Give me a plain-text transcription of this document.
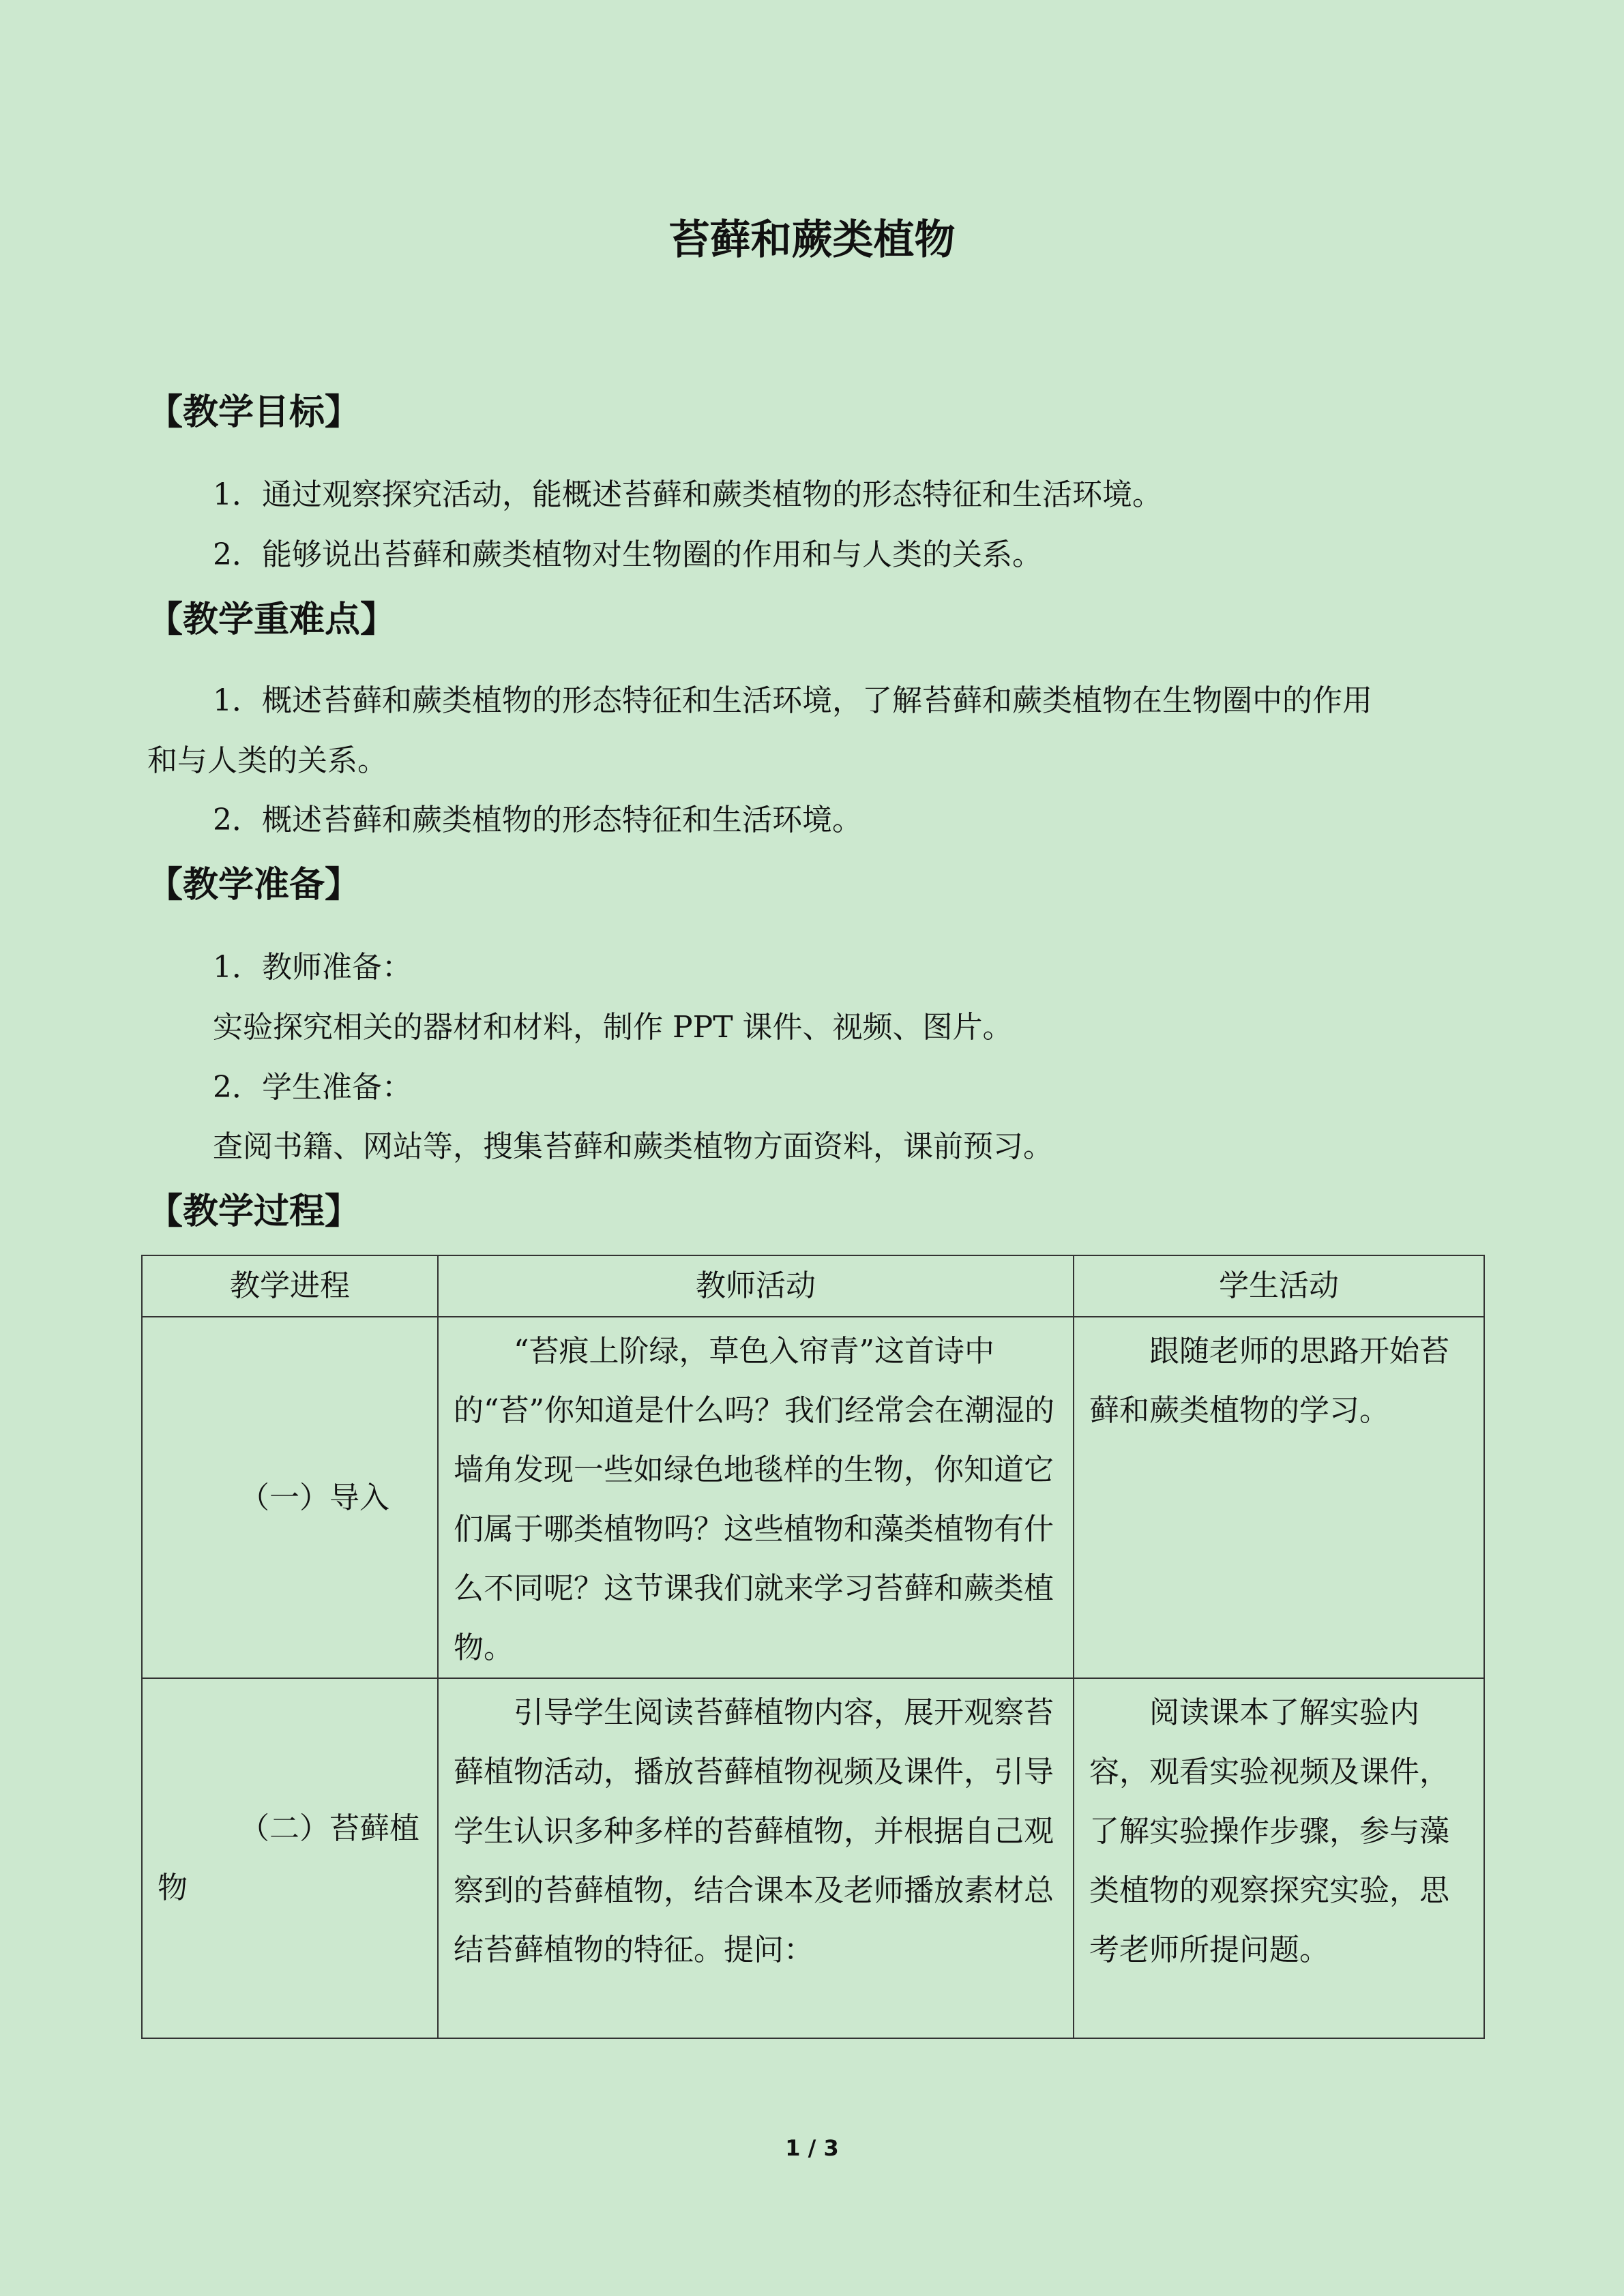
苔藓和蕨类植物
【教学目标】
1．通过观察探究活动，能概述苔藓和蕨类植物的形态特征和生活环境。
2．能够说出苔藓和蕨类植物对生物圈的作用和与人类的关系。
【教学重难点】
1．概述苔藓和蕨类植物的形态特征和生活环境，了解苔藓和蕨类植物在生物圈中的作用
和与人类的关系。
2．概述苔藓和蕨类植物的形态特征和生活环境。
【教学准备】
1．教师准备：
实验探究相关的器材和材料，制作 PPT 课件、视频、图片。
2．学生准备：
查阅书籍、网站等，搜集苔藓和蕨类植物方面资料，课前预习。
【教学过程】
教学进程	教师活动	学生活动

（一）导入	“苔痕上阶绿，草色入帘青”这首诗中的“苔”你知道是什么吗？我们经常会在潮湿的墙角发现一些如绿色地毯样的生物，你知道它们属于哪类植物吗？这些植物和藻类植物有什么不同呢？这节课我们就来学习苔藓和蕨类植物。	跟随老师的思路开始苔藓和蕨类植物的学习。

（二）苔藓植物	引导学生阅读苔藓植物内容，展开观察苔藓植物活动，播放苔藓植物视频及课件，引导学生认识多种多样的苔藓植物，并根据自己观察到的苔藓植物，结合课本及老师播放素材总结苔藓植物的特征。提问：	阅读课本了解实验内容，观看实验视频及课件，了解实验操作步骤，参与藻类植物的观察探究实验，思考老师所提问题。
1 / 3
